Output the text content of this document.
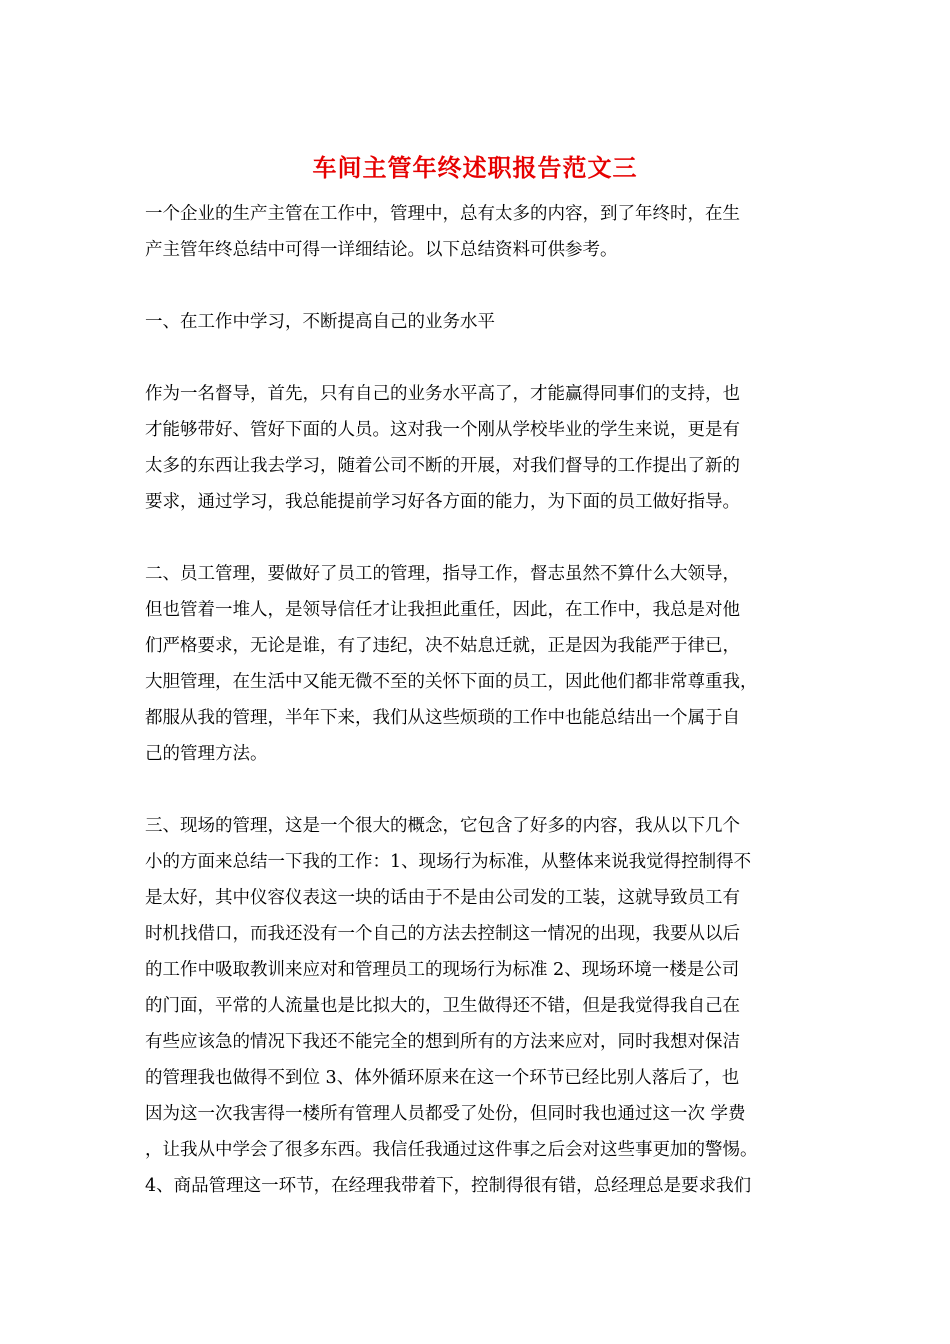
车间主管年终述职报告范文三
一个企业的生产主管在工作中，管理中，总有太多的内容，到了年终时，在生
产主管年终总结中可得一详细结论。以下总结资料可供参考。
一、在工作中学习，不断提高自己的业务水平
作为一名督导，首先，只有自己的业务水平高了，才能赢得同事们的支持，也
才能够带好、管好下面的人员。这对我一个刚从学校毕业的学生来说，更是有
太多的东西让我去学习，随着公司不断的开展，对我们督导的工作提出了新的
要求，通过学习，我总能提前学习好各方面的能力，为下面的员工做好指导。
二、员工管理，要做好了员工的管理，指导工作，督志虽然不算什么大领导，
但也管着一堆人，是领导信任才让我担此重任，因此，在工作中，我总是对他
们严格要求，无论是谁，有了违纪，决不姑息迁就，正是因为我能严于律已，
大胆管理，在生活中又能无微不至的关怀下面的员工，因此他们都非常尊重我，
都服从我的管理，半年下来，我们从这些烦琐的工作中也能总结出一个属于自
己的管理方法。
三、现场的管理，这是一个很大的概念，它包含了好多的内容，我从以下几个
小的方面来总结一下我的工作：1、现场行为标准，从整体来说我觉得控制得不
是太好，其中仪容仪表这一块的话由于不是由公司发的工装，这就导致员工有
时机找借口，而我还没有一个自己的方法去控制这一情况的出现，我要从以后
的工作中吸取教训来应对和管理员工的现场行为标准 2、现场环境一楼是公司
的门面，平常的人流量也是比拟大的，卫生做得还不错，但是我觉得我自己在
有些应该急的情况下我还不能完全的想到所有的方法来应对，同时我想对保洁
的管理我也做得不到位 3、体外循环原来在这一个环节已经比别人落后了，也
因为这一次我害得一楼所有管理人员都受了处份，但同时我也通过这一次 学费
，让我从中学会了很多东西。我信任我通过这件事之后会对这些事更加的警惕。
4、商品管理这一环节，在经理我带着下，控制得很有错，总经理总是要求我们
